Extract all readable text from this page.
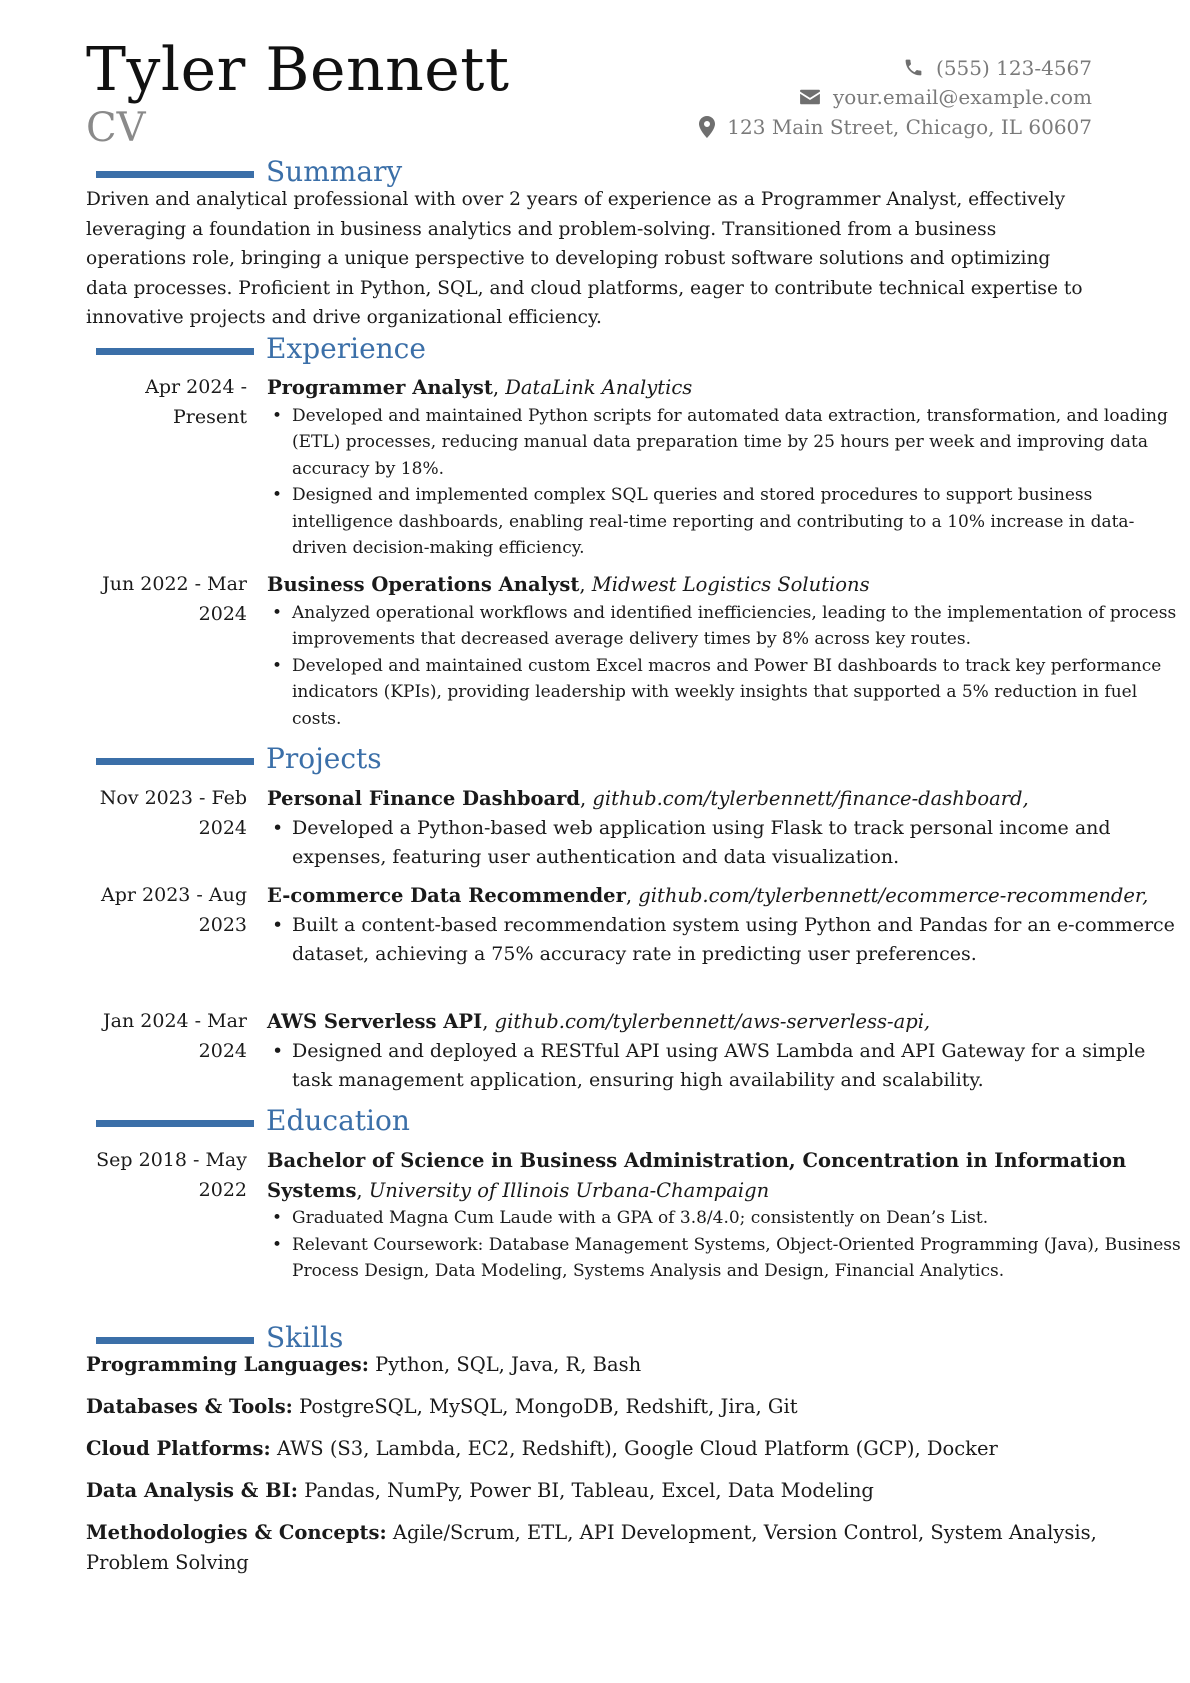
Tyler Bennett
CV
(555) 123-4567
your.email@example.com
123 Main Street, Chicago, IL 60607
Summary
Driven and analytical professional with over 2 years of experience as a Programmer Analyst, effectively leveraging a foundation in business analytics and problem-solving. Transitioned from a business operations role, bringing a unique perspective to developing robust software solutions and optimizing data processes. Proficient in Python, SQL, and cloud platforms, eager to contribute technical expertise to innovative projects and drive organizational efficiency.
Experience
Apr 2024 - Present
Programmer Analyst, DataLink Analytics
• Developed and maintained Python scripts for automated data extraction, transformation, and loading (ETL) processes, reducing manual data preparation time by 25 hours per week and improving data accuracy by 18%.
• Designed and implemented complex SQL queries and stored procedures to support business intelligence dashboards, enabling real-time reporting and contributing to a 10% increase in data-driven decision-making efficiency.
Jun 2022 - Mar 2024
Business Operations Analyst, Midwest Logistics Solutions
• Analyzed operational workflows and identified inefficiencies, leading to the implementation of process improvements that decreased average delivery times by 8% across key routes.
• Developed and maintained custom Excel macros and Power BI dashboards to track key performance indicators (KPIs), providing leadership with weekly insights that supported a 5% reduction in fuel costs.
Projects
Nov 2023 - Feb 2024
Personal Finance Dashboard, github.com/tylerbennett/finance-dashboard,
• Developed a Python-based web application using Flask to track personal income and expenses, featuring user authentication and data visualization.
Apr 2023 - Aug 2023
E-commerce Data Recommender, github.com/tylerbennett/ecommerce-recommender,
• Built a content-based recommendation system using Python and Pandas for an e-commerce dataset, achieving a 75% accuracy rate in predicting user preferences.
Jan 2024 - Mar 2024
AWS Serverless API, github.com/tylerbennett/aws-serverless-api,
• Designed and deployed a RESTful API using AWS Lambda and API Gateway for a simple task management application, ensuring high availability and scalability.
Education
Sep 2018 - May 2022
Bachelor of Science in Business Administration, Concentration in Information Systems, University of Illinois Urbana-Champaign
• Graduated Magna Cum Laude with a GPA of 3.8/4.0; consistently on Dean’s List.
• Relevant Coursework: Database Management Systems, Object-Oriented Programming (Java), Business Process Design, Data Modeling, Systems Analysis and Design, Financial Analytics.
Skills
Programming Languages: Python, SQL, Java, R, Bash
Databases & Tools: PostgreSQL, MySQL, MongoDB, Redshift, Jira, Git
Cloud Platforms: AWS (S3, Lambda, EC2, Redshift), Google Cloud Platform (GCP), Docker
Data Analysis & BI: Pandas, NumPy, Power BI, Tableau, Excel, Data Modeling
Methodologies & Concepts: Agile/Scrum, ETL, API Development, Version Control, System Analysis, Problem Solving
